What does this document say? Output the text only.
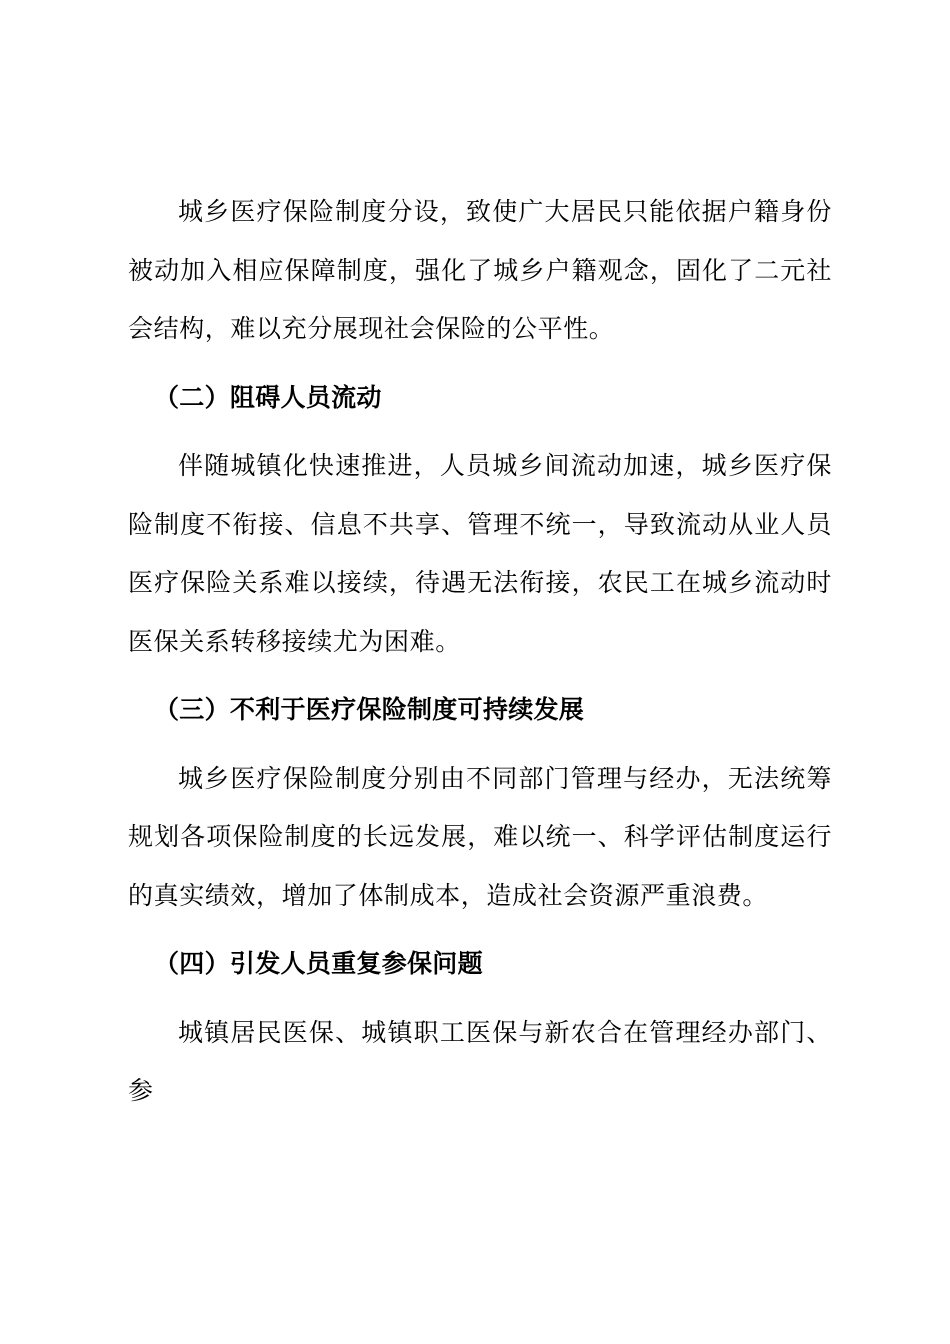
城乡医疗保险制度分设，致使广大居民只能依据户籍身份被动加入相应保障制度，强化了城乡户籍观念，固化了二元社会结构，难以充分展现社会保险的公平性。

（二）阻碍人员流动

伴随城镇化快速推进，人员城乡间流动加速，城乡医疗保险制度不衔接、信息不共享、管理不统一，导致流动从业人员医疗保险关系难以接续，待遇无法衔接，农民工在城乡流动时医保关系转移接续尤为困难。

（三）不利于医疗保险制度可持续发展

城乡医疗保险制度分别由不同部门管理与经办，无法统筹规划各项保险制度的长远发展，难以统一、科学评估制度运行的真实绩效，增加了体制成本，造成社会资源严重浪费。

（四）引发人员重复参保问题

城镇居民医保、城镇职工医保与新农合在管理经办部门、参
